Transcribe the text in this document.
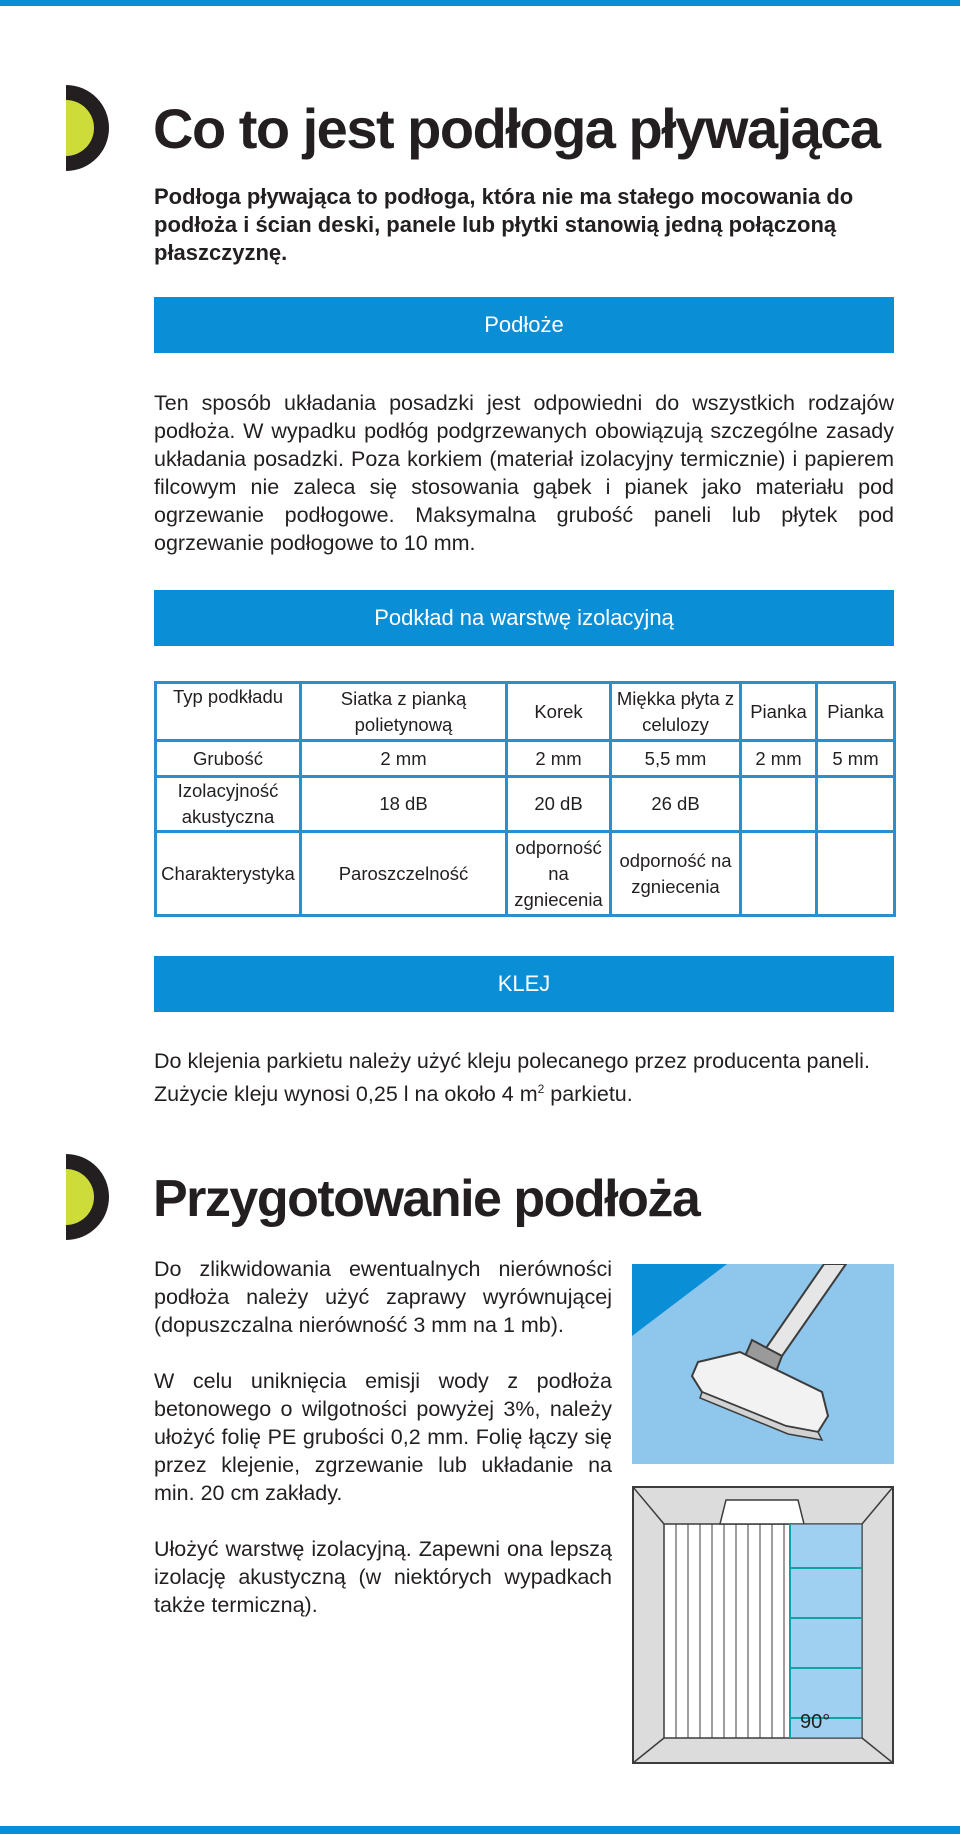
Co to jest podłoga pływająca

Podłoga pływająca to podłoga, która nie ma stałego mocowania do podłoża i ścian deski, panele lub płytki stanowią jedną połączoną płaszczyznę.

Podłoże

Ten sposób układania posadzki jest odpowiedni do wszystkich rodzajów podłoża. W wypadku podłóg podgrzewanych obowiązują szczególne zasady układania posadzki. Poza korkiem (materiał izolacyjny termicznie) i papierem filcowym nie zaleca się stosowania gąbek i pianek jako materiału pod ogrzewanie podłogowe. Maksymalna grubość paneli lub płytek pod ogrzewanie podłogowe to 10 mm.

Podkład na warstwę izolacyjną
Typ podkładu	Siatka z pianką polietynową	Korek	Miękka płyta z celulozy	Pianka	Pianka
Grubość	2 mm	2 mm	5,5 mm	2 mm	5 mm
Izolacyjność akustyczna	18 dB	20 dB	26 dB		
Charakterystyka	Paroszczelność	odporność na zgniecenia	odporność na zgniecenia		
KLEJ
Do klejenia parkietu należy użyć kleju polecanego przez producenta paneli.
Zużycie kleju wynosi 0,25 l na około 4 $m^2$ parkietu.
Przygotowanie podłoża

Do zlikwidowania ewentualnych nierówności podłoża należy użyć zaprawy wyrównującej (dopuszczalna nierówność 3 mm na 1 mb).

W celu uniknięcia emisji wody z podłoża betonowego o wilgotności powyżej 3%, należy ułożyć folię PE grubości 0,2 mm. Folię łączy się przez klejenie, zgrzewanie lub układanie na min. 20 cm zakłady.

Ułożyć warstwę izolacyjną. Zapewni ona lepszą izolację akustyczną (w niektórych wypadkach także termiczną).

90°
